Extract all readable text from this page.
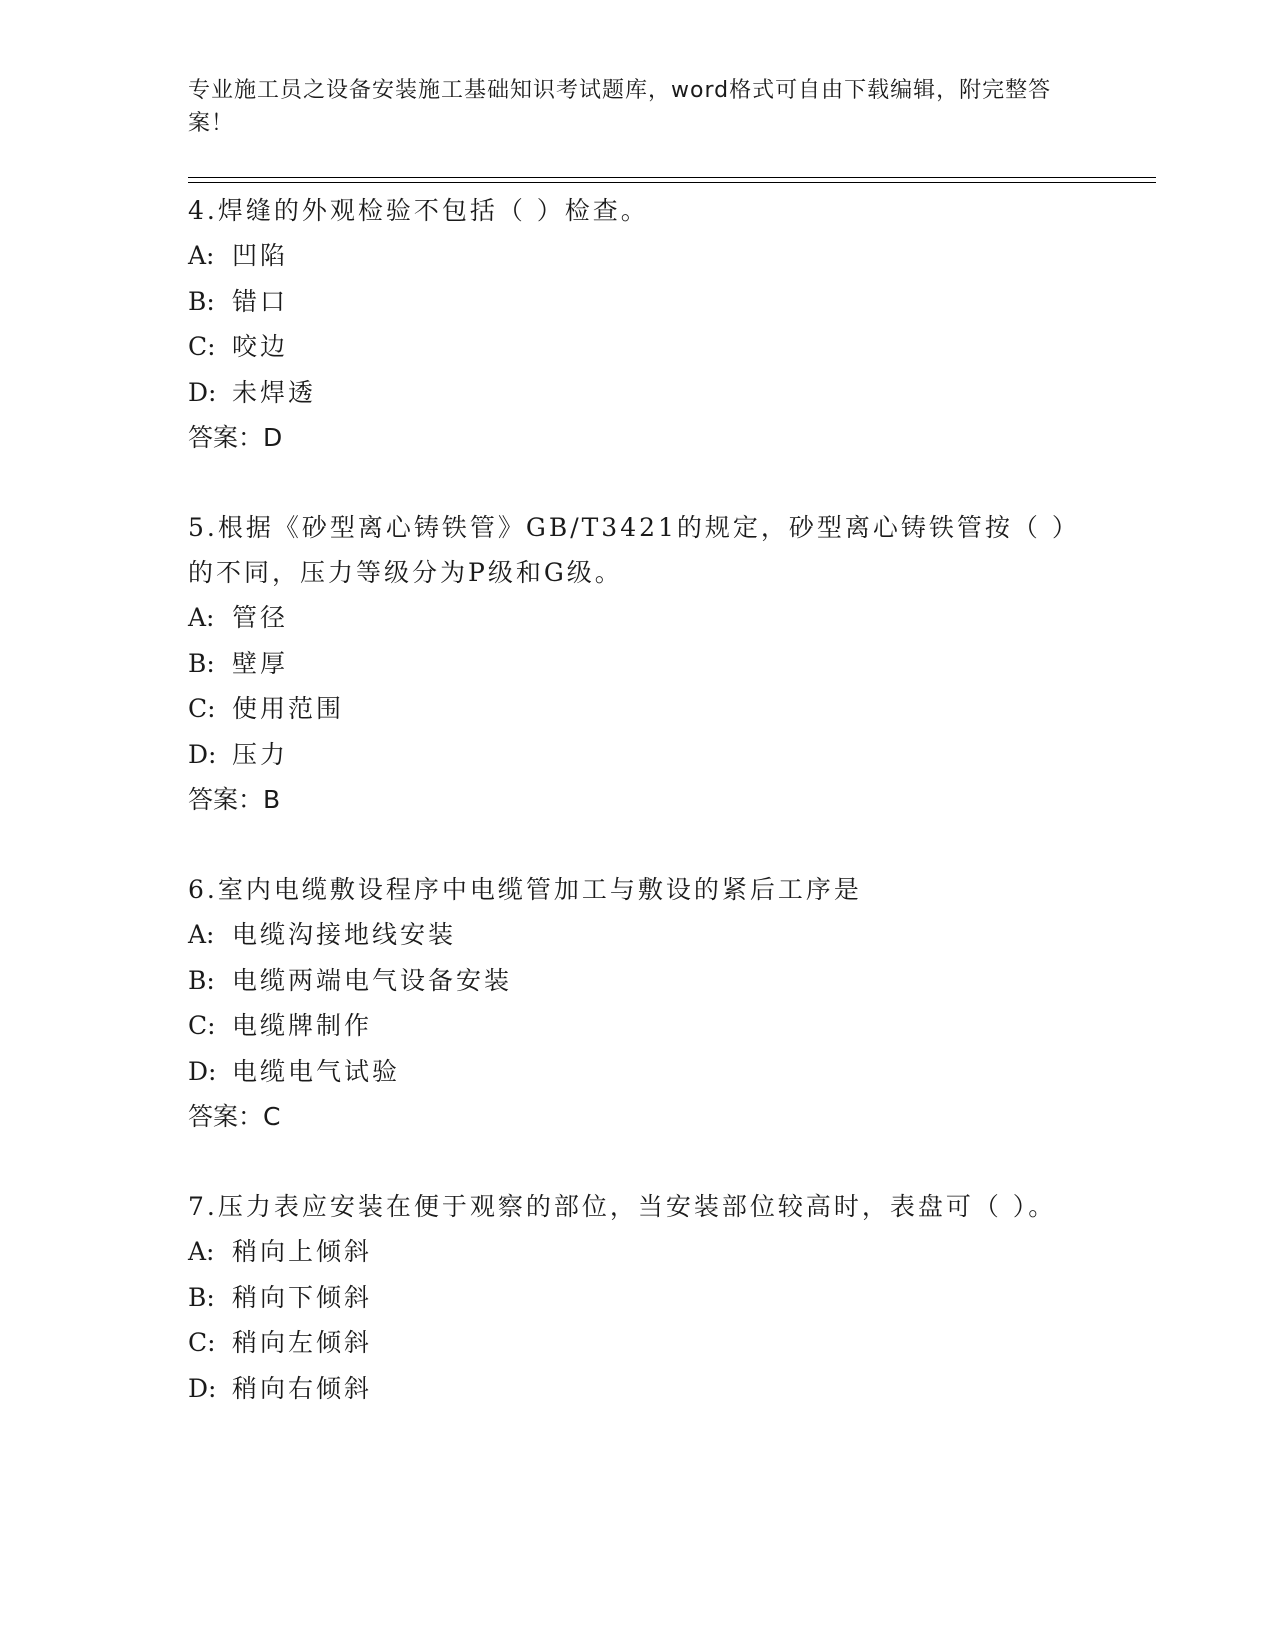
专业施工员之设备安装施工基础知识考试题库，word格式可自由下载编辑，附完整答案！

4.焊缝的外观检验不包括（ ）检查。

A: 凹陷

B: 错口

C: 咬边

D: 未焊透

答案：D

5.根据《砂型离心铸铁管》GB/T3421的规定，砂型离心铸铁管按（ ）的不同，压力等级分为P级和G级。

A: 管径

B: 壁厚

C: 使用范围

D: 压力

答案：B

6.室内电缆敷设程序中电缆管加工与敷设的紧后工序是

A: 电缆沟接地线安装

B: 电缆两端电气设备安装

C: 电缆牌制作

D: 电缆电气试验

答案：C

7.压力表应安装在便于观察的部位，当安装部位较高时，表盘可（ ）。

A: 稍向上倾斜

B: 稍向下倾斜

C: 稍向左倾斜

D: 稍向右倾斜
